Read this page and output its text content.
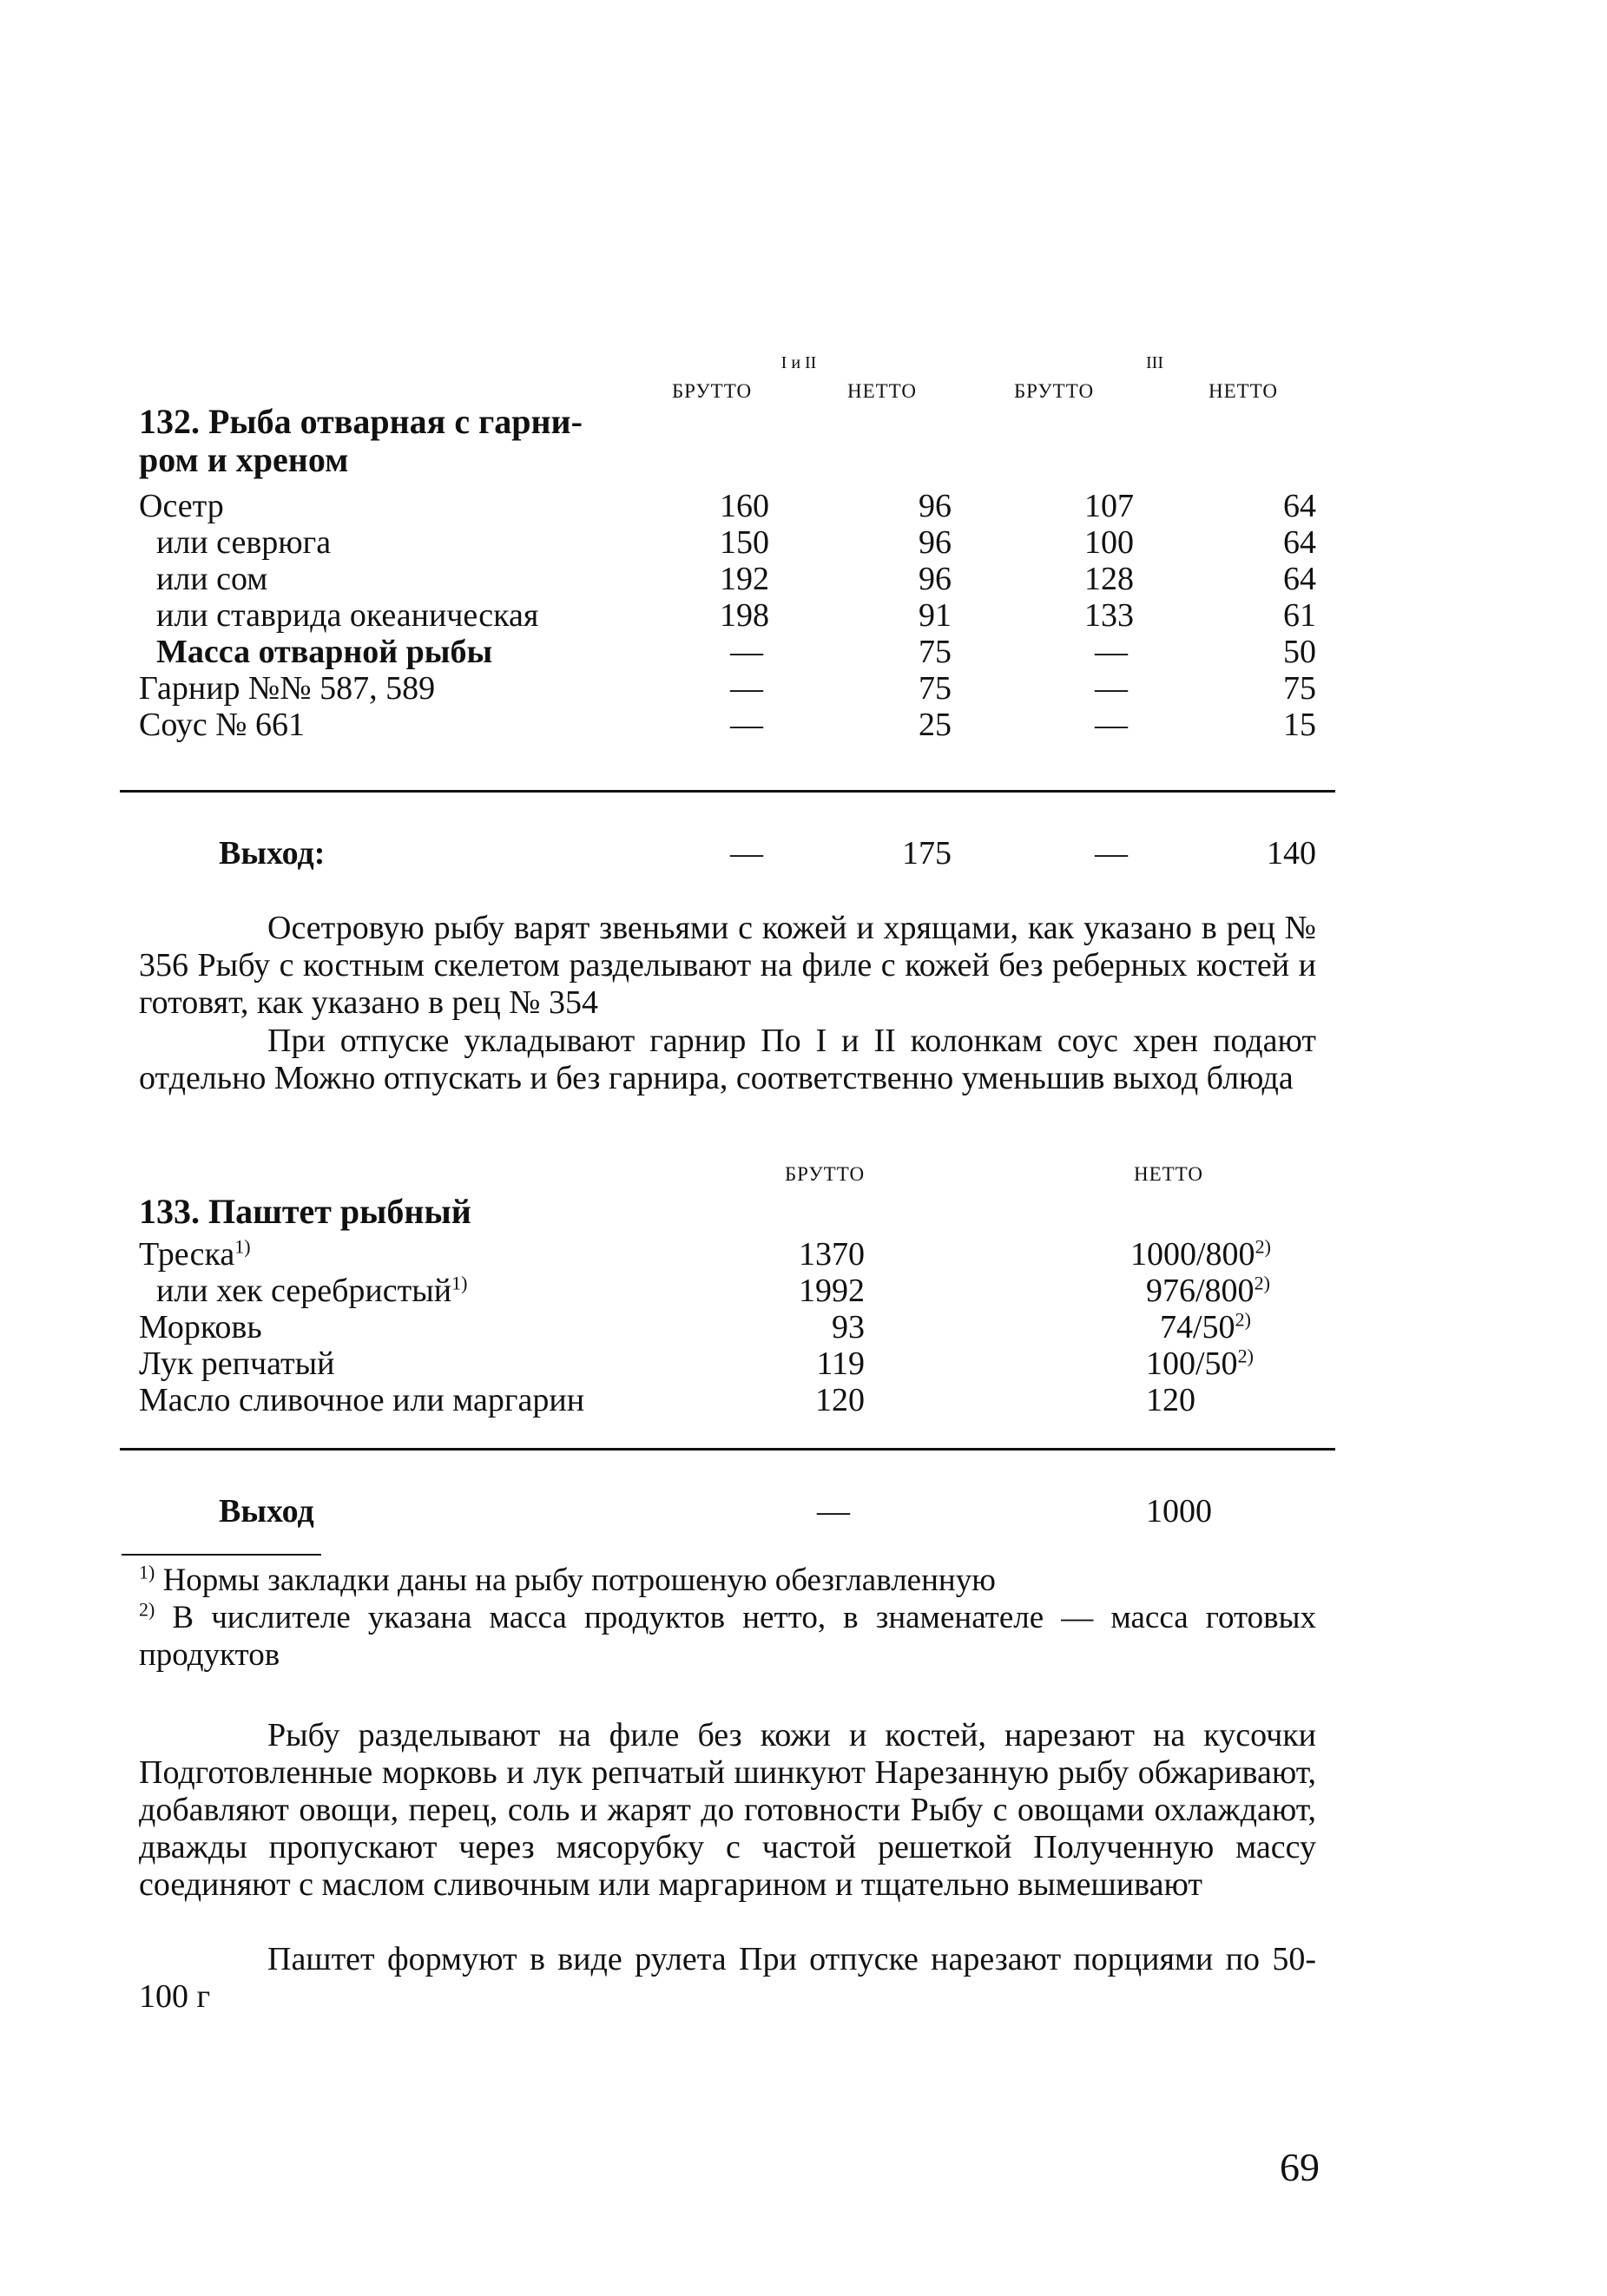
I и II	III
БРУТТО	НЕТТО	БРУТТО	НЕТТО
132. Рыба отварная с гарни-
ром и хреном
Осетр	160	96	107	64
или севрюга	150	96	100	64
или сом	192	96	128	64
или ставрида океаническая	198	91	133	61
Масса отварной рыбы	—	75	—	50
Гарнир №№ 587, 589	—	75	—	75
Соус № 661	—	25	—	15
Выход:	—	175	—	140
Осетровую рыбу варят звеньями с кожей и хрящами, как указано в рец № 356 Рыбу с костным скелетом разделывают на филе с кожей без реберных костей и готовят, как указано в рец № 354
При отпуске укладывают гарнир По I и II колонкам соус хрен подают отдельно Можно отпускать и без гарнира, соответственно уменьшив выход блюда
БРУТТО	НЕТТО
133. Паштет рыбный
Треска$^{1)}$	1370	1000/800$^{2)}$
или хек серебристый$^{1)}$	1992	976/800$^{2)}$
Морковь	93	74/50$^{2)}$
Лук репчатый	119	100/50$^{2)}$
Масло сливочное или маргарин	120	120
Выход	—	1000
$^{1)}$ Нормы закладки даны на рыбу потрошеную обезглавленную
$^{2)}$ В числителе указана масса продуктов нетто, в знаменателе — масса готовых продуктов
Рыбу разделывают на филе без кожи и костей, нарезают на кусочки Подготовленные морковь и лук репчатый шинкуют Нарезанную рыбу обжаривают, добавляют овощи, перец, соль и жарят до готовности Рыбу с овощами охлаждают, дважды пропускают через мясорубку с частой решеткой Полученную массу соединяют с маслом сливочным или маргарином и тщательно вымешивают
Паштет формуют в виде рулета При отпуске нарезают порциями по 50-100 г
69
